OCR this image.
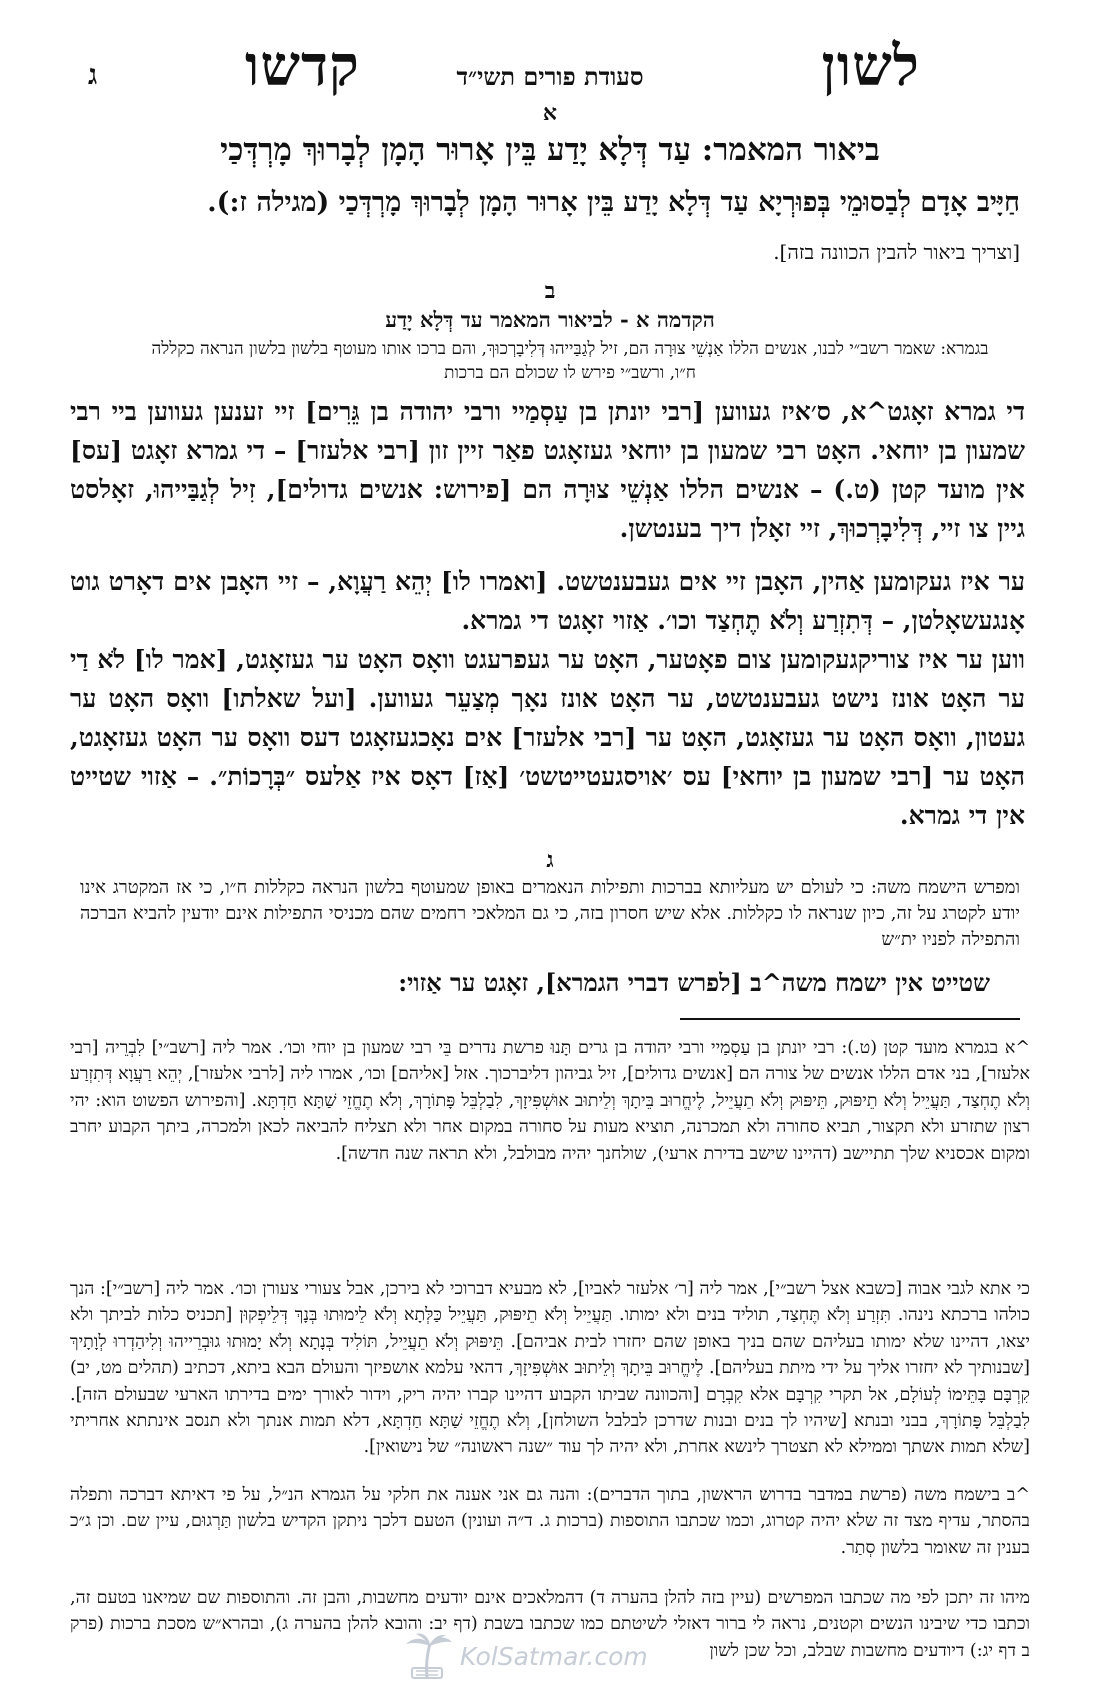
לשון
סעודת פורים תשי״ד
קדשו
ג
א
ביאור המאמר: עַד דְּלָא יָדַע בֵּין אָרוּר הָמָן לְבָרוּךְ מָרְדְּכַי
חַיָּיב אָדָם לְבַסוּמֵי בְּפוּרְיָא עַד דְּלָא יָדַע בֵּין אָרוּר הָמָן לְבָרוּךְ מָרְדְּכַי (מגילה ז:).
[וצריך ביאור להבין הכוונה בזה].
ב
הקדמה א - לביאור המאמר עד דְּלָא יָדַע
בגמרא: שאמר רשב״י לבנו, אנשים הללו אַנְשֵׁי צוּרָה הם, זיל לְגַבַּייהוּ דְּלִיבָרְכוּךְ, והם ברכו אותו מעוטף בלשון בלשון הנראה כקללה ח״ו, ורשב״י פירש לו שכולם הם ברכות
די גמרא זאָגט^א, ס׳איז געווען [רבי יונתן בן עַסְמַיי ורבי יהודה בן גֵּרִים] זיי זענען געווען ביי רבי שמעון בן יוחאי. האָט רבי שמעון בן יוחאי געזאָגט פאַר זיין זון [רבי אלעזר] – די גמרא זאָגט [עס] אין מועד קטן (ט.) – אנשים הללו אַנְשֵׁי צוּרָה הם [פירוש: אנשים גדולים], זִיל לְגַבַּייהוּ, זאָלסט גיין צו זיי, דְּלִיבָרְכוּךְ, זיי זאָלן דיך בענטשן.
ער איז געקומען אַהין, האָבן זיי אים געבענטשט. [ואמרו לו] יְהֵא רַעֲוָא, – זיי האָבן אים דאָרט גוט אָנגעשאָלטן, – דְּתִזְרַע וְלֹא תֶחְצַד וכו׳. אַזוי זאָגט די גמרא.
ווען ער איז צוריקגעקומען צום פאָטער, האָט ער געפרעגט וואָס האָט ער געזאָגט, [אמר לו] לֹא דַי ער האָט אונז נישט געבענטשט, ער האָט אונז נאָך מְצַעֵר געווען. [ועל שאלתו] וואָס האָט ער געטון, וואָס האָט ער געזאָגט, האָט ער [רבי אלעזר] אים נאָכגעזאָגט דעס וואָס ער האָט געזאָגט, האָט ער [רבי שמעון בן יוחאי] עס ׳אויסגעטייטשט׳ [אַז] דאָס איז אַלעס ״בְּרָכוֹת״. – אַזוי שטייט אין די גמרא.
ג
ומפרש הישמח משה: כי לעולם יש מעליותא בברכות ותפילות הנאמרים באופן שמעוטף בלשון הנראה כקללות ח״ו, כי אז המקטרג אינו יודע לקטרג על זה, כיון שנראה לו כקללות. אלא שיש חסרון בזה, כי גם המלאכי רחמים שהם מכניסי התפילות אינם יודעין להביא הברכה והתפילה לפניו ית״ש
שטייט אין ישמח משה^ב [לפרש דברי הגמרא], זאָגט ער אַזוי:
^א בגמרא מועד קטן (ט.): רבי יונתן בן עַסְמַיי ורבי יהודה בן גרים תָּנוּ פרשת נדרים בֵּי רבי שמעון בן יוחי וכו׳. אמר ליה [רשב״י] לִבְרֵיה [רבי אלעזר], בני אדם הללו אנשים של צורה הם [אנשים גדולים], זיל גביהון דליברכוך. אזל [אליהם] וכו׳, אמרו ליה [לרבי אלעזר], יְהֵא רַעֲוָא דְּתִזְרַע וְלֹא תֶחְצַד, תַּעֲיֵיל וְלֹא תֵיפּוּק, תֵּיפּוּק וְלֹא תֵעֲיֵיל, לֶיחֱרוּב בֵּיתָךְ וְלֵיתוּב אוּשְׁפִּיזָךְ, לִבַלְבֵּל פָּתוֹרָךְ, וְלֹא תֶחֱזֵי שַׁתָּא חַדְתָּא. [והפירוש הפשוט הוא: יהי רצון שתזרע ולא תקצור, תביא סחורה ולא תמכרנה, תוציא מעות על סחורה במקום אחר ולא תצליח להביאה לכאן ולמכרה, ביתך הקבוע יחרב ומקום אכסניא שלך תתיישב (דהיינו שישב בדירת ארעי), שולחנך יהיה מבולבל, ולא תראה שנה חדשה].
כי אתא לגבי אבוה [כשבא אצל רשב״י], אמר ליה [ר׳ אלעזר לאביו], לא מבעיא דברוכי לא בירכן, אבל צעורי צעורן וכו׳. אמר ליה [רשב״י]: הנך כולהו ברכתא נינהו. תִּזְרַע וְלֹא תֶּחְצַד, תוליד בנים ולא ימותו. תַּעֲיֵיל וְלֹא תֵיפּוּק, תַּעֲיֵיל כַּלְּתָא וְלֹא לֵימוּתוּ בְּנָךְ דְּלֵיפְקוּן [תכניס כלות לביתך ולא יצאו, דהיינו שלא ימותו בעליהם שהם בניך באופן שהם יחזרו לבית אביהם]. תֵּיפּוּק וְלֹא תֵעֲיֵיל, תּוֹלִיד בְּנָתָא וְלֹא יָמוּתוּ גוּבְרֵייהוּ וְלִיהַדְרוּ לְוָתָיךְ [שבנותיך לא יחזרו אליך על ידי מיתת בעליהם]. לֶיחֱרוּב בֵּיתָךְ וְלֵיתוּב אוּשְׁפִּיזָךְ, דהאי עלמא אושפיזך והעולם הבא ביתא, דכתיב (תהלים מט, יב) קִרְבָּם בָּתֵּימוֹ לְעוֹלָם, אל תקרי קִרְבָּם אלא קִבְרָם [והכוונה שביתו הקבוע דהיינו קברו יהיה ריק, וידור לאורך ימים בדירתו הארעי שבעולם הזה]. לִבַלְבֵּל פָּתוֹרָךְ, בבני ובנתא [שיהיו לך בנים ובנות שדרכן לבלבל השולחן], וְלֹא תֶחֱזֵי שַׁתָּא חַדְתָּא, דלא תמות אנתך ולא תנסב אינתתא אחריתי [שלא תמות אשתך וממילא לא תצטרך לינשא אחרת, ולא יהיה לך עוד ״שנה ראשונה״ של נישואין].
^ב בישמח משה (פרשת במדבר בדרוש הראשון, בתוך הדברים): והנה גם אני אענה את חלקי על הגמרא הנ״ל, על פי דאיתא דברכה ותפלה בהסתר, עדיף מצד זה שלא יהיה קטרוג, וכמו שכתבו התוספות (ברכות ג. ד״ה ועונין) הטעם דלכך ניתקן הקדיש בלשון תַּרְגוּם, עיין שם. וכן ג״כ בענין זה שאומר בלשון סְתַר.
מיהו זה יתכן לפי מה שכתבו המפרשים (עיין בזה להלן בהערה ד) דהמלאכים אינם יודעים מחשבות, והבן זה. והתוספות שם שמיאנו בטעם זה, וכתבו כדי שיבינו הנשים וקטנים, נראה לי ברור דאזלי לשיטתם כמו שכתבו בשבת (דף יב: והובא להלן בהערה ג), ובהרא״ש מסכת ברכות (פרק ב דף יג:) דיודעים מחשבות שבלב, וכל שכן לשון
KolSatmar.com
